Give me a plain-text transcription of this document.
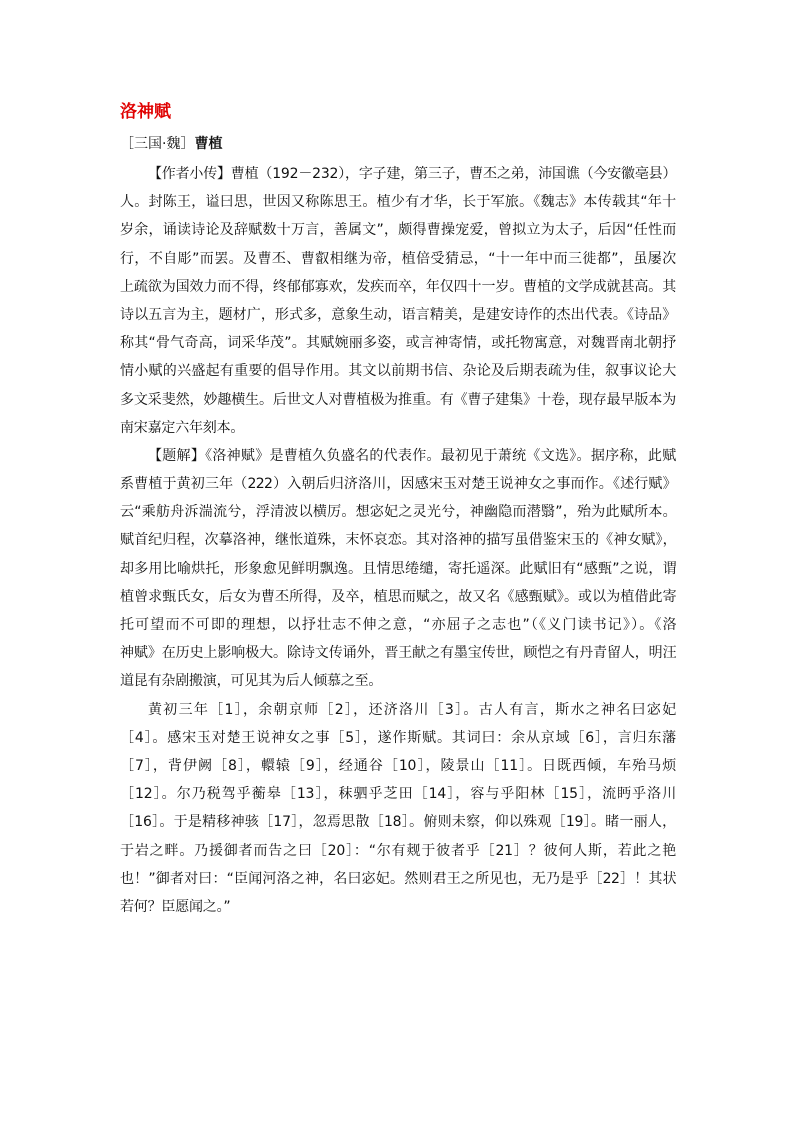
洛神赋
［三国·魏］曹植
【作者小传】曹植（192－232），字子建，第三子，曹丕之弟，沛国谯（今安徽亳县）
人。封陈王，谥曰思，世因又称陈思王。植少有才华，长于军旅。《魏志》本传载其“年十
岁余，诵读诗论及辞赋数十万言，善属文”，颇得曹操宠爱，曾拟立为太子，后因“任性而
行，不自彫”而罢。及曹丕、曹叡相继为帝，植倍受猜忌，“十一年中而三徙都”，虽屡次
上疏欲为国效力而不得，终郁郁寡欢，发疾而卒，年仅四十一岁。曹植的文学成就甚高。其
诗以五言为主，题材广，形式多，意象生动，语言精美，是建安诗作的杰出代表。《诗品》
称其“骨气奇高，词采华茂”。其赋婉丽多姿，或言神寄情，或托物寓意，对魏晋南北朝抒
情小赋的兴盛起有重要的倡导作用。其文以前期书信、杂论及后期表疏为佳，叙事议论大
多文采斐然，妙趣横生。后世文人对曹植极为推重。有《曹子建集》十卷，现存最早版本为
南宋嘉定六年刻本。
【题解】《洛神赋》是曹植久负盛名的代表作。最初见于萧统《文选》。据序称，此赋
系曹植于黄初三年（222）入朝后归济洛川，因感宋玉对楚王说神女之事而作。《述行赋》
云“乘舫舟泝湍流兮，浮清波以横厉。想宓妃之灵光兮，神幽隐而潜翳”，殆为此赋所本。
赋首纪归程，次摹洛神，继怅道殊，末怀哀恋。其对洛神的描写虽借鉴宋玉的《神女赋》，
却多用比喻烘托，形象愈见鲜明飘逸。且情思绻缱，寄托遥深。此赋旧有“感甄”之说，谓
植曾求甄氏女，后女为曹丕所得，及卒，植思而赋之，故又名《感甄赋》。或以为植借此寄
托可望而不可即的理想，以抒壮志不伸之意，“亦屈子之志也”（《义门读书记》）。《洛
神赋》在历史上影响极大。除诗文传诵外，晋王献之有墨宝传世，顾恺之有丹青留人，明汪
道昆有杂剧搬演，可见其为后人倾慕之至。
黄初三年［1］，余朝京师［2］，还济洛川［3］。古人有言，斯水之神名曰宓妃
［4］。感宋玉对楚王说神女之事［5］，遂作斯赋。其词曰：余从京域［6］，言归东藩
［7］，背伊阙［8］，轘辕［9］，经通谷［10］，陵景山［11］。日既西倾，车殆马烦
［12］。尔乃税驾乎蘅皋［13］，秣驷乎芝田［14］，容与乎阳林［15］，流眄乎洛川
［16］。于是精移神骇［17］，忽焉思散［18］。俯则未察，仰以殊观［19］。睹一丽人，
于岩之畔。乃援御者而告之曰［20］：“尔有觌于彼者乎［21］？彼何人斯，若此之艳
也！”御者对曰：“臣闻河洛之神，名曰宓妃。然则君王之所见也，无乃是乎［22］！其状
若何？臣愿闻之。”
